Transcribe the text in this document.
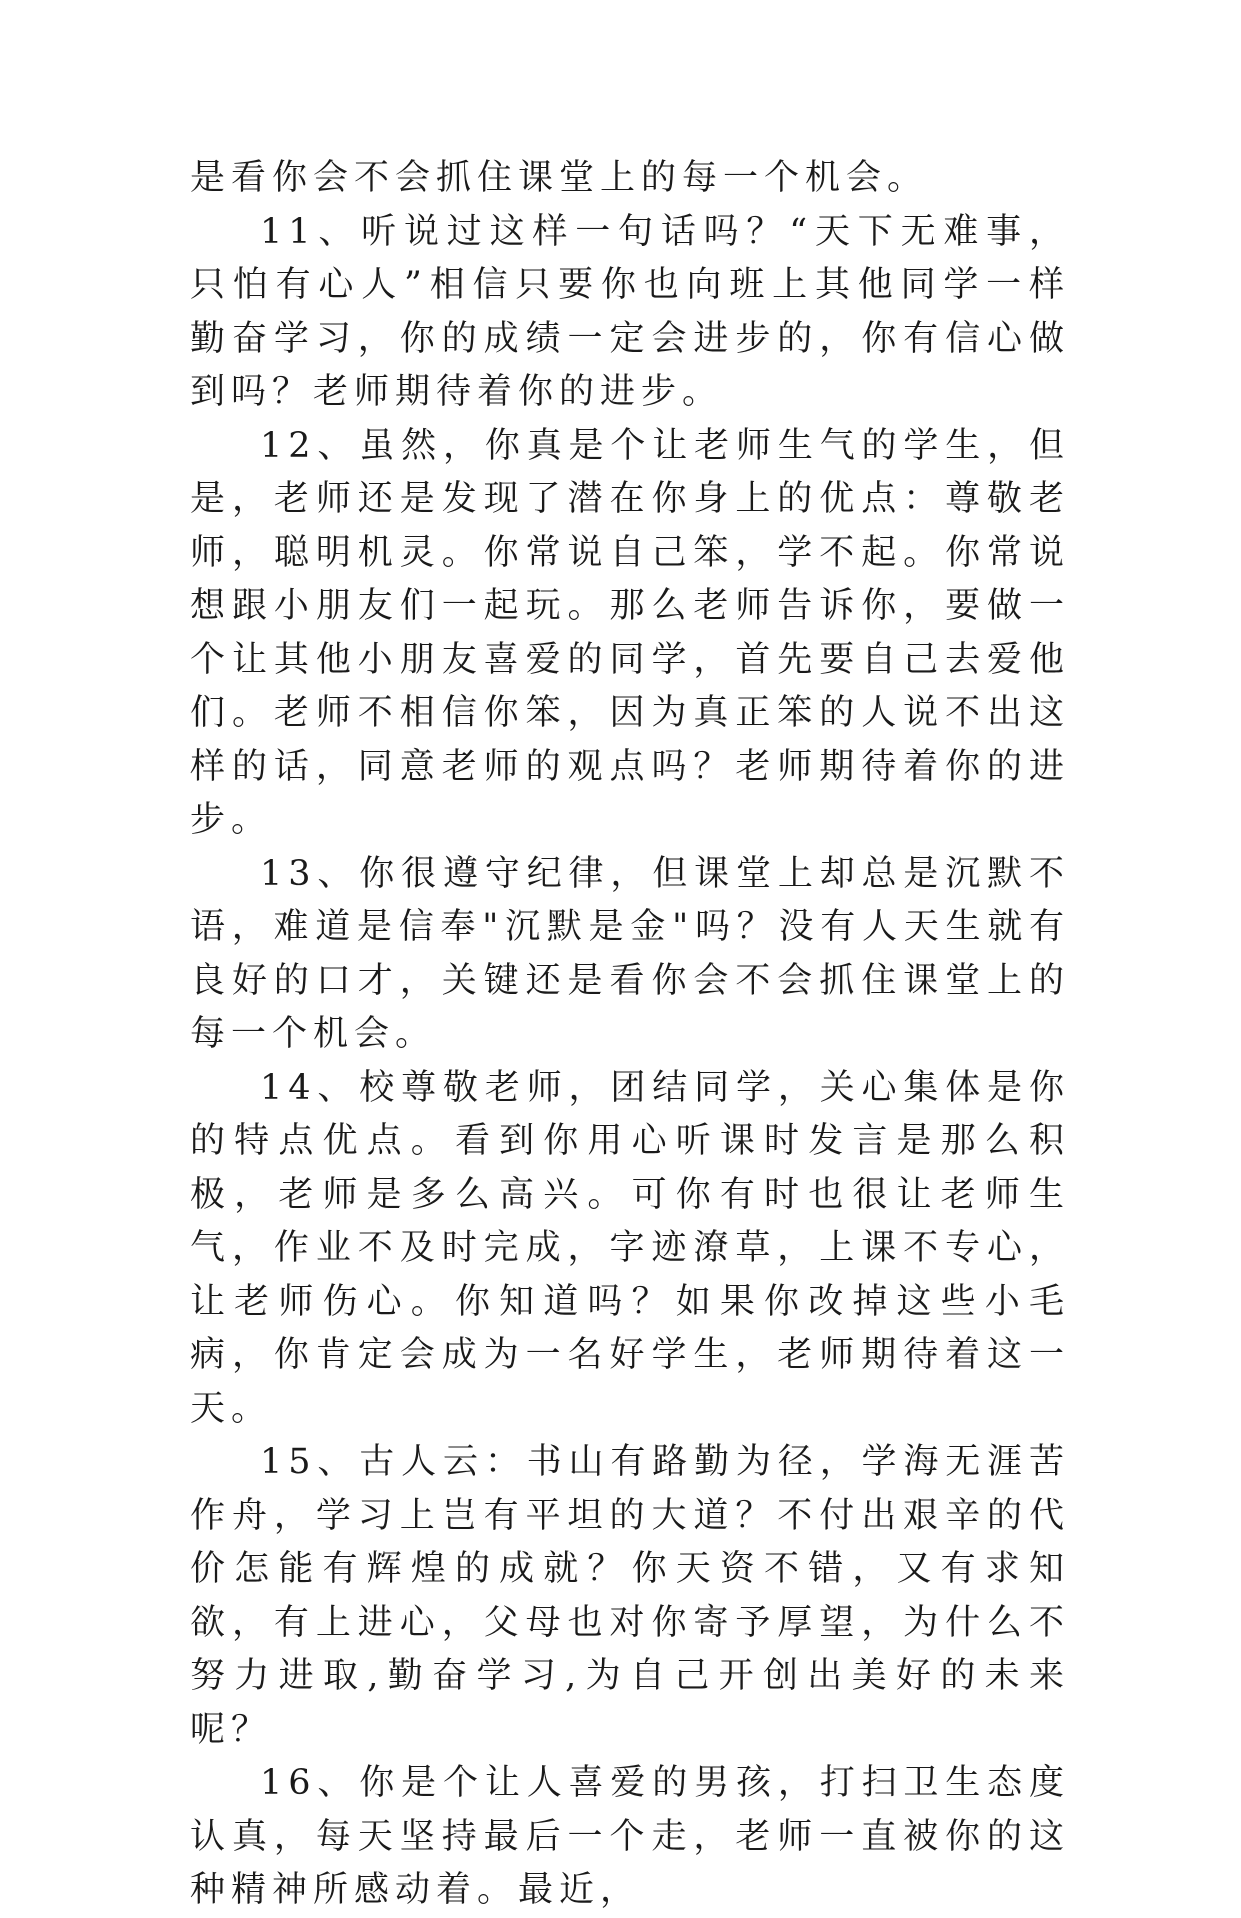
是看你会不会抓住课堂上的每一个机会。

11、听说过这样一句话吗？“天下无难事，只怕有心人”相信只要你也向班上其他同学一样勤奋学习，你的成绩一定会进步的，你有信心做到吗？老师期待着你的进步。

12、虽然，你真是个让老师生气的学生，但是，老师还是发现了潜在你身上的优点：尊敬老师，聪明机灵。你常说自己笨，学不起。你常说想跟小朋友们一起玩。那么老师告诉你，要做一个让其他小朋友喜爱的同学，首先要自己去爱他们。老师不相信你笨，因为真正笨的人说不出这样的话，同意老师的观点吗？老师期待着你的进步。

13、你很遵守纪律，但课堂上却总是沉默不语，难道是信奉"沉默是金"吗？没有人天生就有良好的口才，关键还是看你会不会抓住课堂上的每一个机会。

14、校尊敬老师，团结同学，关心集体是你的特点优点。看到你用心听课时发言是那么积极，老师是多么高兴。可你有时也很让老师生气，作业不及时完成，字迹潦草，上课不专心，让老师伤心。你知道吗？如果你改掉这些小毛病，你肯定会成为一名好学生，老师期待着这一天。

15、古人云：书山有路勤为径，学海无涯苦作舟，学习上岂有平坦的大道？不付出艰辛的代价怎能有辉煌的成就？你天资不错，又有求知欲，有上进心，父母也对你寄予厚望，为什么不努力进取,勤奋学习,为自己开创出美好的未来呢？

16、你是个让人喜爱的男孩，打扫卫生态度认真，每天坚持最后一个走，老师一直被你的这种精神所感动着。最近，
